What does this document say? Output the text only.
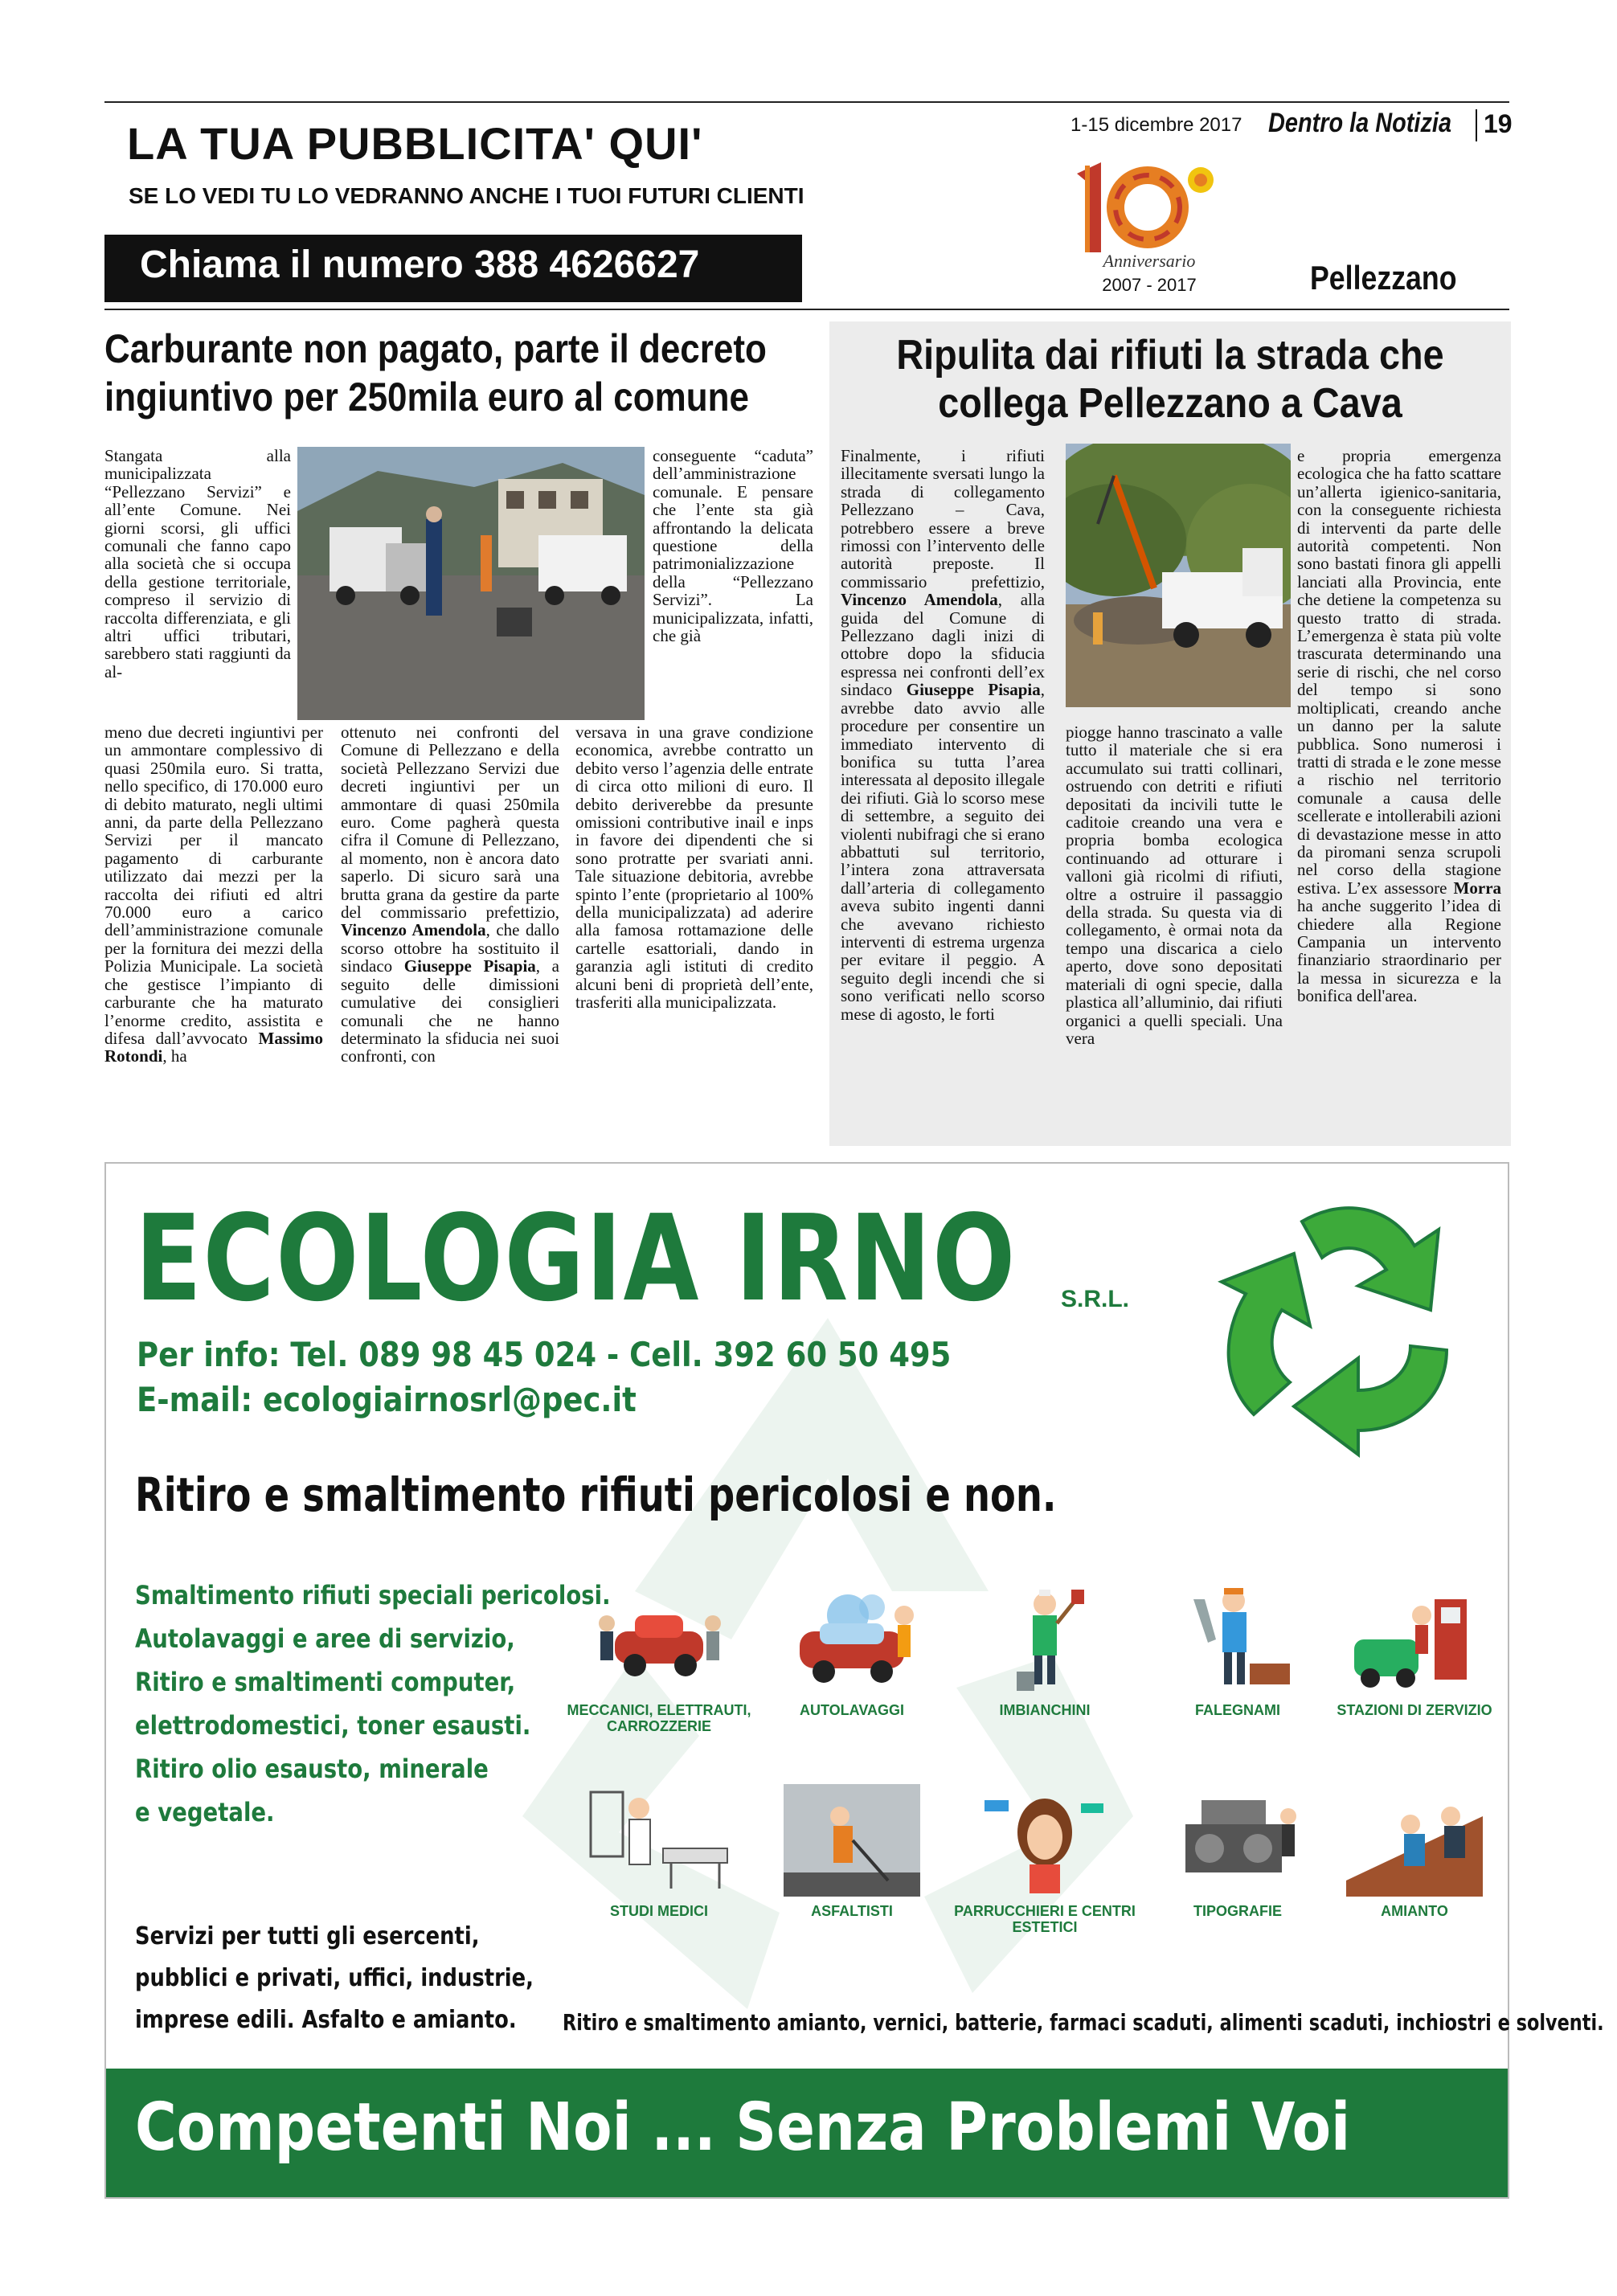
LA TUA PUBBLICITA' QUI'
SE LO VEDI TU LO VEDRANNO ANCHE I TUOI FUTURI CLIENTI
Chiama il numero 388 4626627
1-15 dicembre 2017 Dentro la Notizia 19
Anniversario
2007 - 2017	Pellezzano
Carburante non pagato, parte il decreto
ingiuntivo per 250mila euro al comune
Stangata alla municipalizzata “Pellezzano Servizi” e all’ente Comune. Nei giorni scorsi, gli uffici comunali che fanno capo alla società che si occupa della gestione territoriale, compreso il servizio di raccolta differenziata, e gli altri uffici tributari, sarebbero stati raggiunti da al-
meno due decreti ingiuntivi per un ammontare complessivo di quasi 250mila euro. Si tratta, nello specifico, di 170.000 euro di debito maturato, negli ultimi anni, da parte della Pellezzano Servizi per il mancato pagamento di carburante utilizzato dai mezzi per la raccolta dei rifiuti ed altri 70.000 euro a carico dell’amministrazione comunale per la fornitura dei mezzi della Polizia Municipale. La società che gestisce l’impianto di carburante che ha maturato l’enorme credito, assistita e difesa dall’avvocato Massimo Rotondi, ha
ottenuto nei confronti del Comune di Pellezzano e della società Pellezzano Servizi due decreti ingiuntivi per un ammontare di quasi 250mila euro. Come pagherà questa cifra il Comune di Pellezzano, al momento, non è ancora dato saperlo. Di sicuro sarà una brutta grana da gestire da parte del commissario prefettizio, Vincenzo Amendola, che dallo scorso ottobre ha sostituito il sindaco Giuseppe Pisapia, a seguito delle dimissioni cumulative dei consiglieri comunali che ne hanno determinato la sfiducia nei suoi confronti, con
conseguente “caduta” dell’amministrazione comunale. E pensare che l’ente sta già affrontando la delicata questione della patrimonializzazione della “Pellezzano Servizi”. La municipalizzata, infatti, che già
versava in una grave condizione economica, avrebbe contratto un debito verso l’agenzia delle entrate di circa otto milioni di euro. Il debito deriverebbe da presunte omissioni contributive inail e inps in favore dei dipendenti che si sono protratte per svariati anni. Tale situazione debitoria, avrebbe spinto l’ente (proprietario al 100% della municipalizzata) ad aderire alla famosa rottamazione delle cartelle esattoriali, dando in garanzia agli istituti di credito alcuni beni di proprietà dell’ente, trasferiti alla municipalizzata.
Ripulita dai rifiuti la strada che
collega Pellezzano a Cava
Finalmente, i rifiuti illecitamente sversati lungo la strada di collegamento Pellezzano – Cava, potrebbero essere a breve rimossi con l’intervento delle autorità preposte. Il commissario prefettizio, Vincenzo Amendola, alla guida del Comune di Pellezzano dagli inizi di ottobre dopo la sfiducia espressa nei confronti dell’ex sindaco Giuseppe Pisapia, avrebbe dato avvio alle procedure per consentire un immediato intervento di bonifica su tutta l’area interessata al deposito illegale dei rifiuti. Già lo scorso mese di settembre, a seguito dei violenti nubifragi che si erano abbattuti sul territorio, l’intera zona attraversata dall’arteria di collegamento aveva subito ingenti danni che avevano richiesto interventi di estrema urgenza per evitare il peggio. A seguito degli incendi che si sono verificati nello scorso mese di agosto, le forti
piogge hanno trascinato a valle tutto il materiale che si era accumulato sui tratti collinari, ostruendo con detriti e rifiuti depositati da incivili tutte le caditoie creando una vera e propria bomba ecologica continuando ad otturare i valloni già ricolmi di rifiuti, oltre a ostruire il passaggio della strada. Su questa via di collegamento, è ormai nota da tempo una discarica a cielo aperto, dove sono depositati materiali di ogni specie, dalla plastica all’alluminio, dai rifiuti organici a quelli speciali. Una vera
e propria emergenza ecologica che ha fatto scattare un’allerta igienico-sanitaria, con la conseguente richiesta di interventi da parte delle autorità competenti. Non sono bastati finora gli appelli lanciati alla Provincia, ente che detiene la competenza su questo tratto di strada. L’emergenza è stata più volte trascurata determinando una serie di rischi, che nel corso del tempo si sono moltiplicati, creando anche un danno per la salute pubblica. Sono numerosi i tratti di strada e le zone messe a rischio nel territorio comunale a causa delle scellerate e intollerabili azioni di devastazione messe in atto da piromani senza scrupoli nel corso della stagione estiva. L’ex assessore Morra ha anche suggerito l’idea di chiedere alla Regione Campania un intervento finanziario straordinario per la messa in sicurezza e la bonifica dell'area.
ECOLOGIA IRNO S.R.L.
Per info: Tel. 089 98 45 024 - Cell. 392 60 50 495
E-mail: ecologiairnosrl@pec.it
Ritiro e smaltimento rifiuti pericolosi e non.
Smaltimento rifiuti speciali pericolosi.
Autolavaggi e aree di servizio,
Ritiro e smaltimenti computer,
elettrodomestici, toner esausti.
Ritiro olio esausto, minerale
e vegetale.
Servizi per tutti gli esercenti,
pubblici e privati, uffici, industrie,
imprese edili. Asfalto e amianto.
MECCANICI, ELETTRAUTI, CARROZZERIE
AUTOLAVAGGI	IMBIANCHINI	FALEGNAMI	STAZIONI DI ZERVIZIO
STUDI MEDICI	ASFALTISTI	PARRUCCHIERI E CENTRI ESTETICI
TIPOGRAFIE	AMIANTO
Ritiro e smaltimento amianto, vernici, batterie, farmaci scaduti, alimenti scaduti, inchiostri e solventi.
Competenti Noi ... Senza Problemi Voi
